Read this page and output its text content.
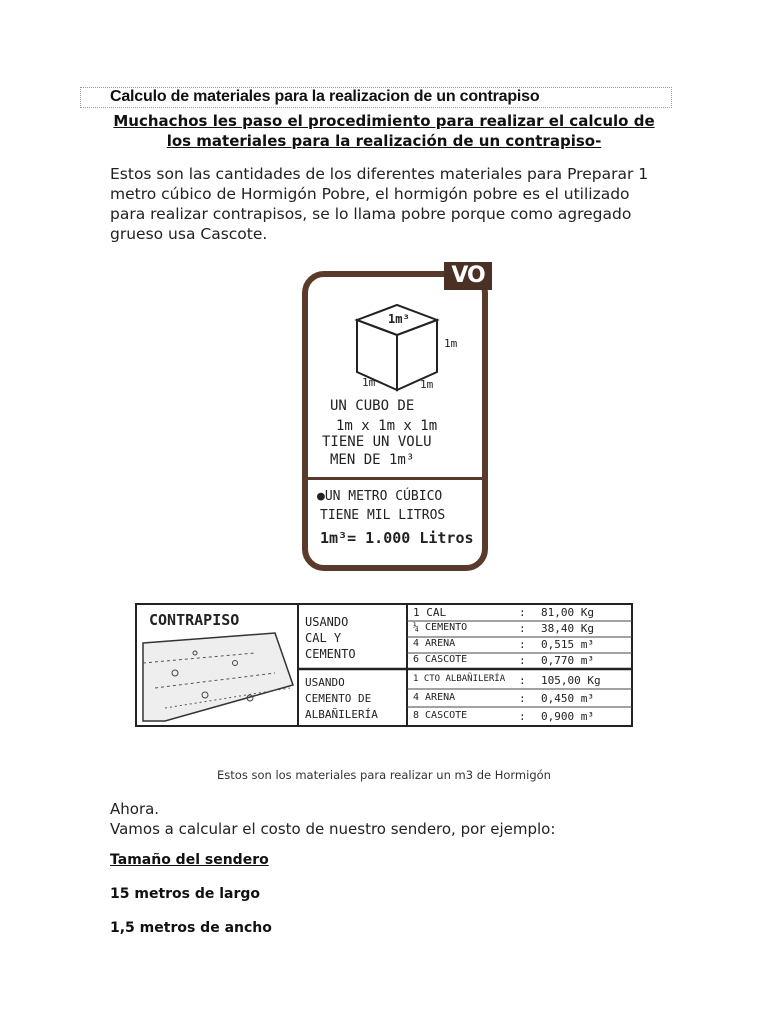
Calculo de materiales para la realizacion de un contrapiso
Muchachos les paso el procedimiento para realizar el calculo de
los materiales para la realización de un contrapiso-
Estos son las cantidades de los diferentes materiales para Preparar 1
metro cúbico de Hormigón Pobre, el hormigón pobre es el utilizado
para realizar contrapisos, se lo llama pobre porque como agregado
grueso usa Cascote.
VO
1m³
1m
1m	1m
UN CUBO DE
1m x 1m x 1m
TIENE UN VOLU
MEN DE 1m³
●UN METRO CÚBICO
TIENE MIL LITROS
1m³= 1.000 Litros
CONTRAPISO	USANDO
CAL Y
CEMENTO
USANDO
CEMENTO DE
ALBAÑILERÍA
1 CAL	: 81,00 Kg
¼ CEMENTO	: 38,40 Kg
4 ARENA	: 0,515 m³
6 CASCOTE	: 0,770 m³
1 CTO ALBAÑILERÍA : 105,00 Kg
4 ARENA	: 0,450 m³
8 CASCOTE	: 0,900 m³
Estos son los materiales para realizar un m3 de Hormigón
Ahora.
Vamos a calcular el costo de nuestro sendero, por ejemplo:
Tamaño del sendero
15 metros de largo
1,5 metros de ancho
